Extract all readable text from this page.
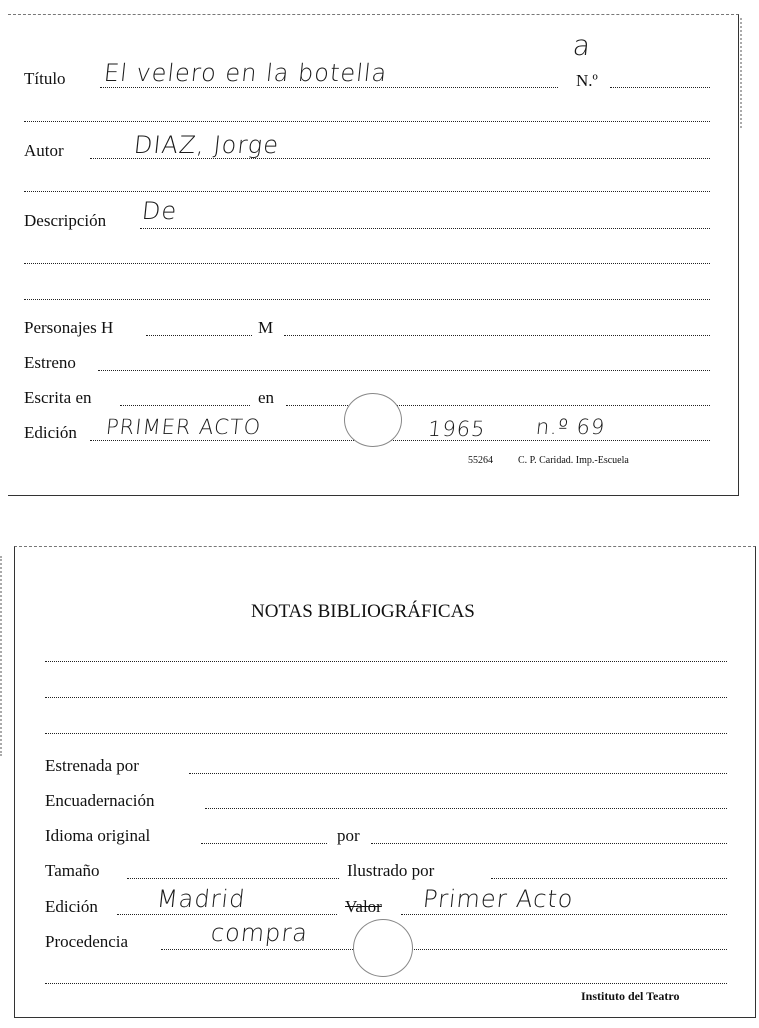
a
Título El velero en la botella	N.º
Autor	DIAZ, Jorge
Descripción De
Personajes H	M
Estreno
Escrita en	en
Edición PRIMER ACTO	1965 n.º 69
55264	C. P. Caridad. Imp.-Escuela
NOTAS BIBLIOGRÁFICAS
Estrenada por
Encuadernación
Idioma original	por
Tamaño	Ilustrado por
Edición Madrid	Valor Primer Acto
Procedencia	compra
Instituto del Teatro
